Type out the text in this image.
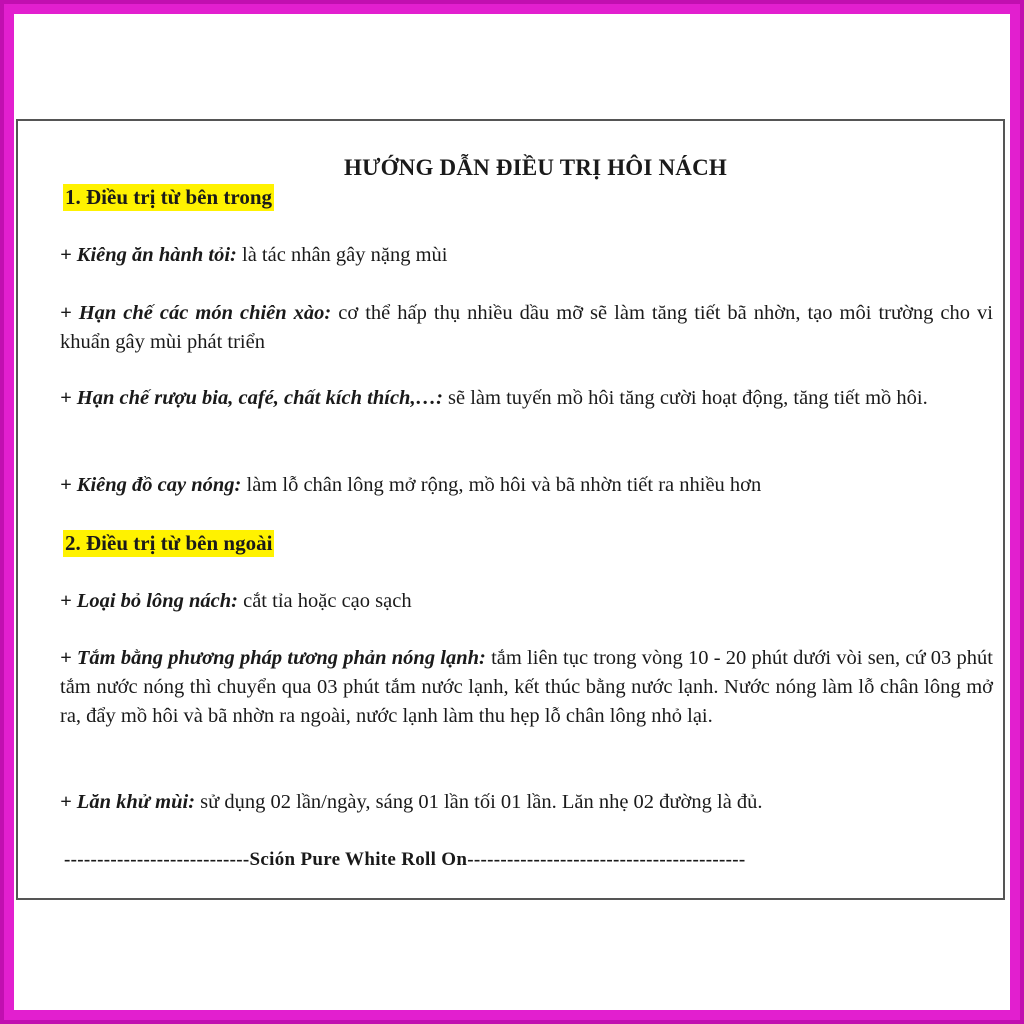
HƯỚNG DẪN ĐIỀU TRỊ HÔI NÁCH
1. Điều trị từ bên trong
+ Kiêng ăn hành tỏi: là tác nhân gây nặng mùi
+ Hạn chế các món chiên xào: cơ thể hấp thụ nhiều dầu mỡ sẽ làm tăng tiết bã nhờn, tạo môi trường cho vi khuẩn gây mùi phát triển
+ Hạn chế rượu bia, café, chất kích thích,…: sẽ làm tuyến mồ hôi tăng cười hoạt động, tăng tiết mồ hôi.
+ Kiêng đồ cay nóng: làm lỗ chân lông mở rộng, mồ hôi và bã nhờn tiết ra nhiều hơn
2. Điều trị từ bên ngoài
+ Loại bỏ lông nách: cắt tỉa hoặc cạo sạch
+ Tắm bằng phương pháp tương phản nóng lạnh: tắm liên tục trong vòng 10 - 20 phút dưới vòi sen, cứ 03 phút tắm nước nóng thì chuyển qua 03 phút tắm nước lạnh, kết thúc bằng nước lạnh. Nước nóng làm lỗ chân lông mở ra, đẩy mồ hôi và bã nhờn ra ngoài, nước lạnh làm thu hẹp lỗ chân lông nhỏ lại.
+ Lăn khử mùi: sử dụng 02 lần/ngày, sáng 01 lần tối 01 lần. Lăn nhẹ 02 đường là đủ.
----------------------------Sción Pure White Roll On------------------------------------------
